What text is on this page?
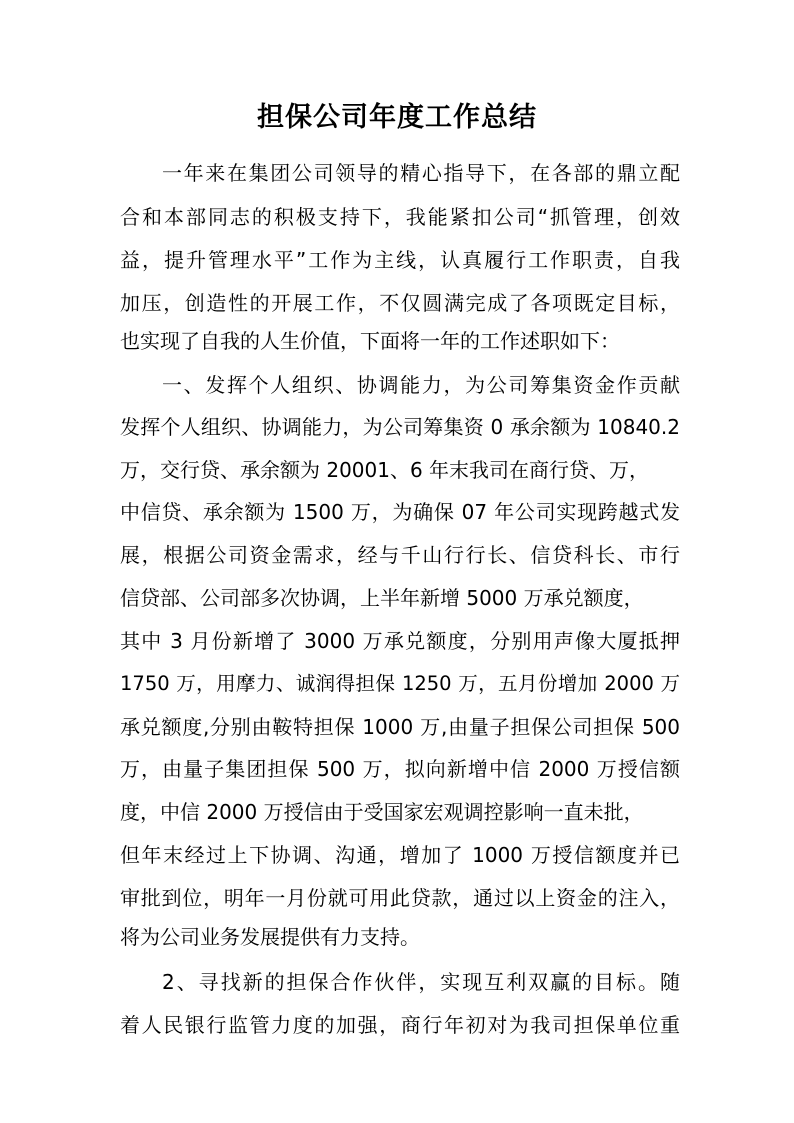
担保公司年度工作总结
一年来在集团公司领导的精心指导下，在各部的鼎立配
合和本部同志的积极支持下，我能紧扣公司“抓管理，创效
益，提升管理水平”工作为主线，认真履行工作职责，自我
加压，创造性的开展工作，不仅圆满完成了各项既定目标，
也实现了自我的人生价值，下面将一年的工作述职如下：
一、发挥个人组织、协调能力，为公司筹集资金作贡献
发挥个人组织、协调能力，为公司筹集资 0 承余额为 10840.2
万，交行贷、承余额为 20001、6 年末我司在商行贷、万，
中信贷、承余额为 1500 万，为确保 07 年公司实现跨越式发
展，根据公司资金需求，经与千山行行长、信贷科长、市行
信贷部、公司部多次协调，上半年新增 5000 万承兑额度，
其中 3 月份新增了 3000 万承兑额度，分别用声像大厦抵押
1750 万，用摩力、诚润得担保 1250 万，五月份增加 2000 万
承兑额度,分别由鞍特担保 1000 万,由量子担保公司担保 500
万，由量子集团担保 500 万，拟向新增中信 2000 万授信额
度，中信 2000 万授信由于受国家宏观调控影响一直未批，
但年末经过上下协调、沟通，增加了 1000 万授信额度并已
审批到位，明年一月份就可用此贷款，通过以上资金的注入，
将为公司业务发展提供有力支持。
2、寻找新的担保合作伙伴，实现互利双赢的目标。随
着人民银行监管力度的加强，商行年初对为我司担保单位重
